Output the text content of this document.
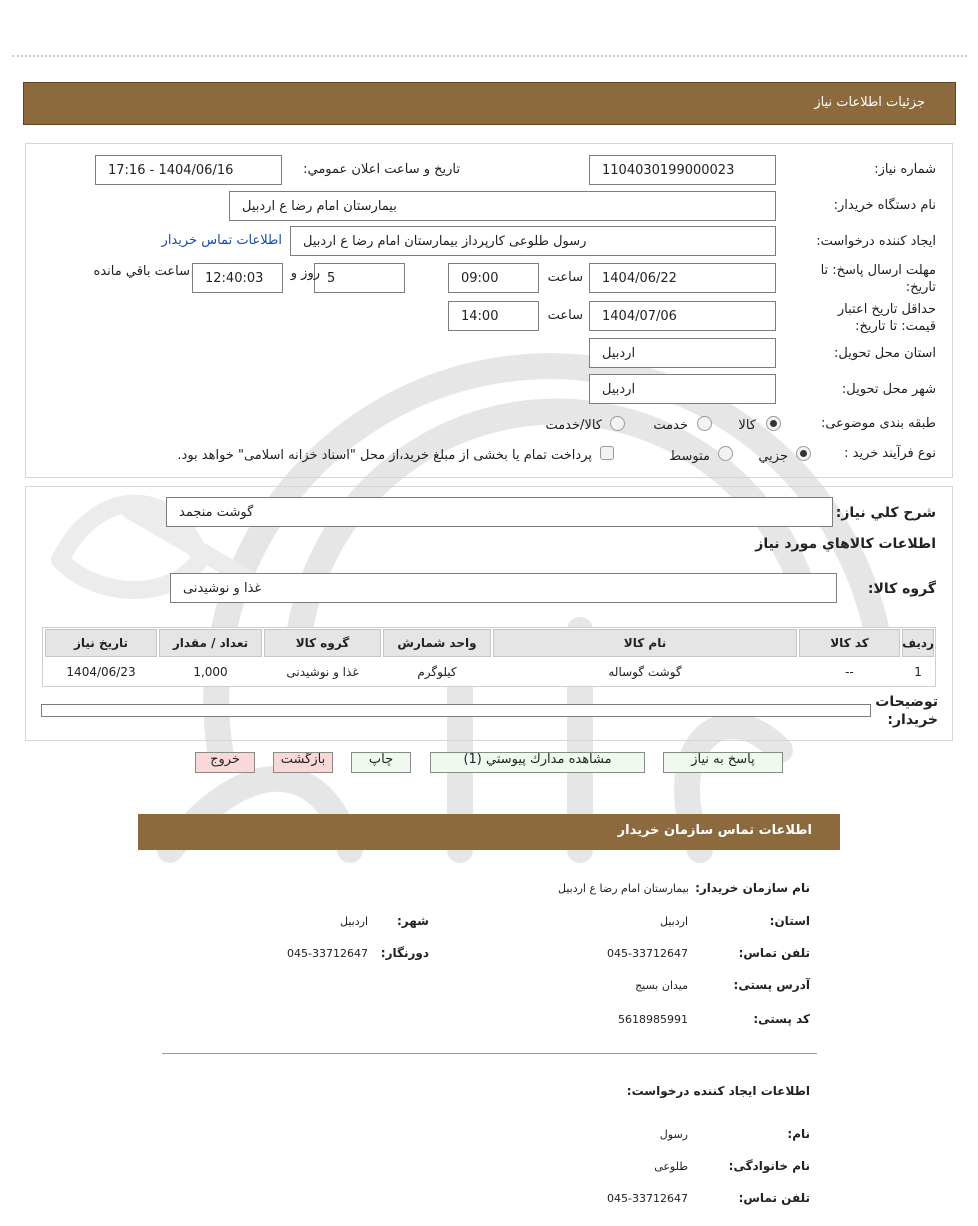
جزئيات اطلاعات نياز
شماره نياز:
1104030199000023
تاريخ و ساعت اعلان عمومي:
1404/06/16 - 17:16
نام دستگاه خريدار:
بيمارستان امام رضا ع اردبيل
ايجاد كننده درخواست:
رسول طلوعی کارپرداز بیمارستان امام رضا ع اردبیل
اطلاعات تماس خريدار
مهلت ارسال پاسخ: تا تاريخ:
1404/06/22
ساعت
09:00
5
روز و
12:40:03
ساعت باقي مانده
حداقل تاريخ اعتبار قيمت: تا تاريخ:
1404/07/06
ساعت
14:00
استان محل تحويل:
اردبيل
شهر محل تحويل:
اردبيل
طبقه بندی موضوعی:
كالا
خدمت
كالا/خدمت
نوع فرآيند خريد :
جزيي
متوسط
پرداخت تمام يا بخشی از مبلغ خريد،از محل "اسناد خزانه اسلامی" خواهد بود.
شرح كلي نياز:
گوشت منجمد
اطلاعات كالاهاي مورد نياز
گروه كالا:
غذا و نوشیدنی
رديف
كد كالا
نام كالا
واحد شمارش
گروه كالا
تعداد / مقدار
تاريخ نياز
1
--
گوشت گوساله
كيلوگرم
غذا و نوشیدنی
1,000
1404/06/23
توضيحات خريدار:
پاسخ به نياز
مشاهده مدارك پيوستي (1)
چاپ
بازگشت
خروج
اطلاعات تماس سازمان خريدار
نام سازمان خريدار:
بيمارستان امام رضا ع اردبيل
استان:
اردبيل
شهر:
اردبيل
تلفن تماس:
045-33712647
دورنگار:
045-33712647
آدرس پستی:
میدان بسیج
كد پستی:
5618985991
اطلاعات ايجاد كننده درخواست:
نام:
رسول
نام خانوادگی:
طلوعی
تلفن تماس:
045-33712647
